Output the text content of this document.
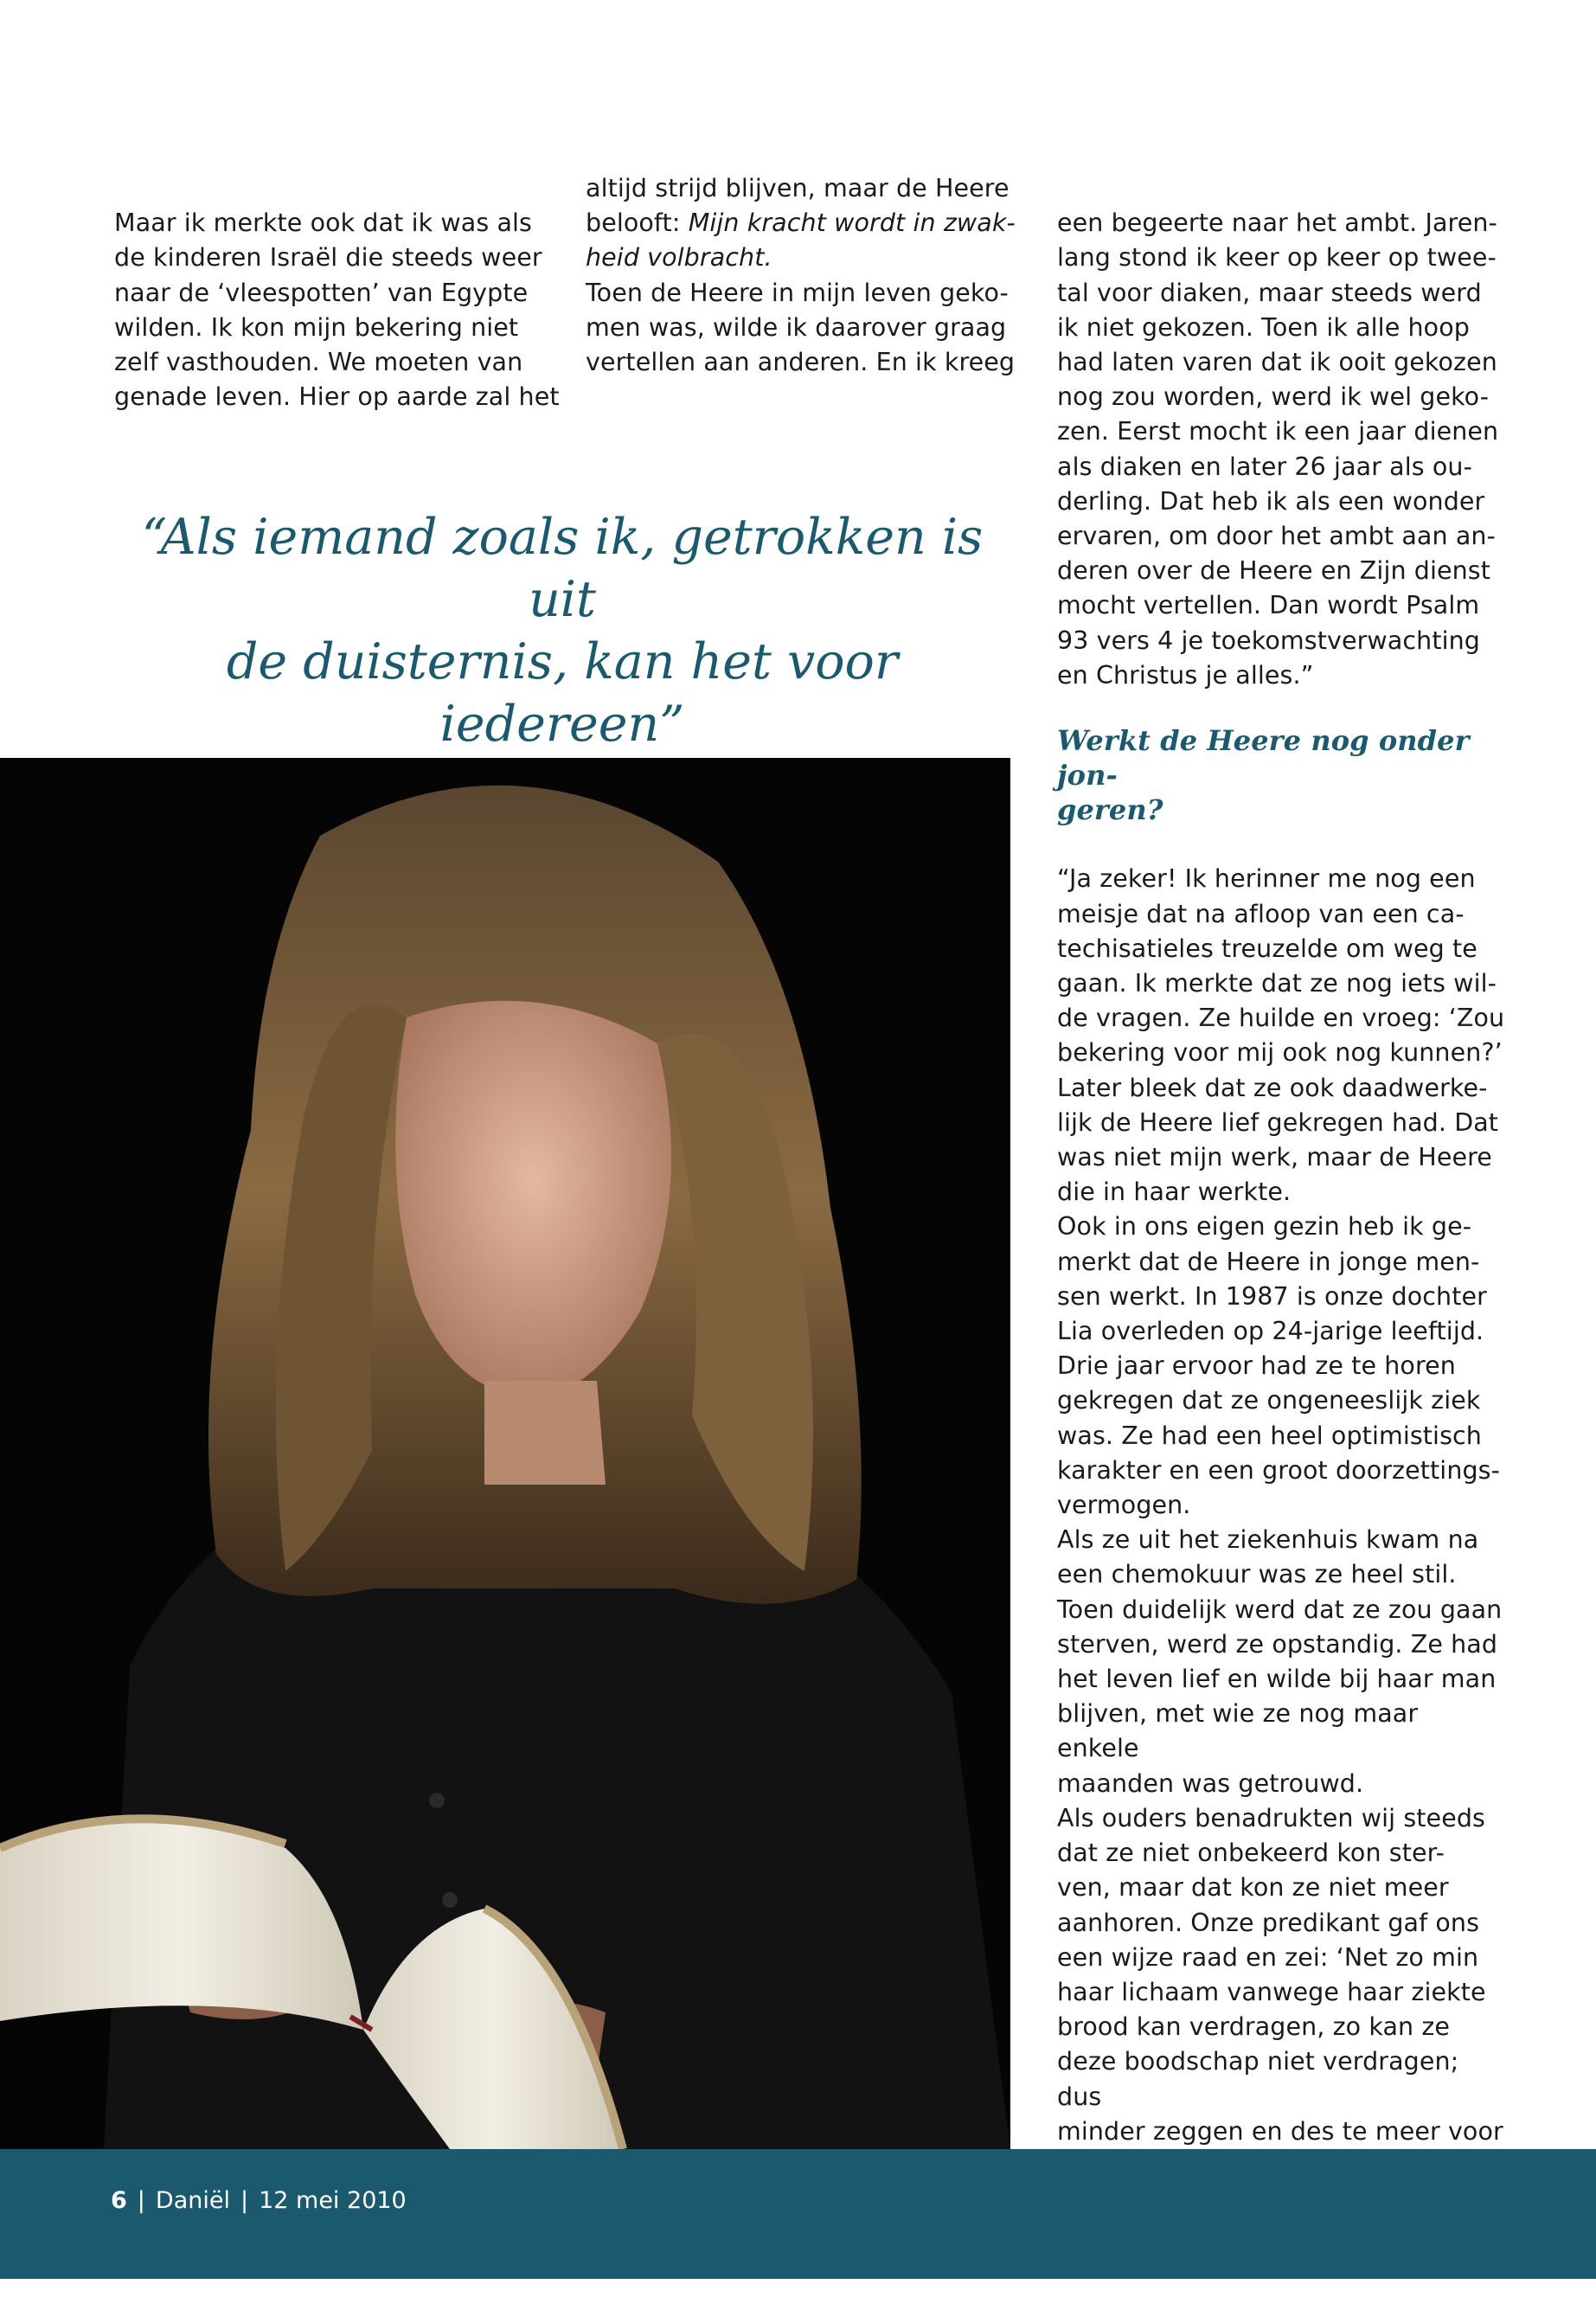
Maar ik merkte ook dat ik was als
de kinderen Israël die steeds weer
naar de ‘vleespotten’ van Egypte
wilden. Ik kon mijn bekering niet
zelf vasthouden. We moeten van
genade leven. Hier op aarde zal het

altijd strijd blijven, maar de Heere
belooft: Mijn kracht wordt in zwak-
heid volbracht.
Toen de Heere in mijn leven geko-
men was, wilde ik daarover graag
vertellen aan anderen. En ik kreeg

een begeerte naar het ambt. Jaren-
lang stond ik keer op keer op twee-
tal voor diaken, maar steeds werd
ik niet gekozen. Toen ik alle hoop
had laten varen dat ik ooit gekozen
nog zou worden, werd ik wel geko-
zen. Eerst mocht ik een jaar dienen
als diaken en later 26 jaar als ou-
derling. Dat heb ik als een wonder
ervaren, om door het ambt aan an-
deren over de Heere en Zijn dienst
mocht vertellen. Dan wordt Psalm
93 vers 4 je toekomstverwachting
en Christus je alles.”

Werkt de Heere nog onder jon-
geren?

“Ja zeker! Ik herinner me nog een
meisje dat na afloop van een ca-
techisatieles treuzelde om weg te
gaan. Ik merkte dat ze nog iets wil-
de vragen. Ze huilde en vroeg: ‘Zou
bekering voor mij ook nog kunnen?’
Later bleek dat ze ook daadwerke-
lijk de Heere lief gekregen had. Dat
was niet mijn werk, maar de Heere
die in haar werkte.
Ook in ons eigen gezin heb ik ge-
merkt dat de Heere in jonge men-
sen werkt. In 1987 is onze dochter
Lia overleden op 24-jarige leeftijd.
Drie jaar ervoor had ze te horen
gekregen dat ze ongeneeslijk ziek
was. Ze had een heel optimistisch
karakter en een groot doorzettings-
vermogen.
Als ze uit het ziekenhuis kwam na
een chemokuur was ze heel stil.
Toen duidelijk werd dat ze zou gaan
sterven, werd ze opstandig. Ze had
het leven lief en wilde bij haar man
blijven, met wie ze nog maar enkele
maanden was getrouwd.
Als ouders benadrukten wij steeds
dat ze niet onbekeerd kon ster-
ven, maar dat kon ze niet meer
aanhoren. Onze predikant gaf ons
een wijze raad en zei: ‘Net zo min
haar lichaam vanwege haar ziekte
brood kan verdragen, zo kan ze
deze boodschap niet verdragen; dus
minder zeggen en des te meer voor

“Als iemand zoals ik, getrokken is uit
de duisternis, kan het voor iedereen”
6 | Daniël | 12 mei 2010
